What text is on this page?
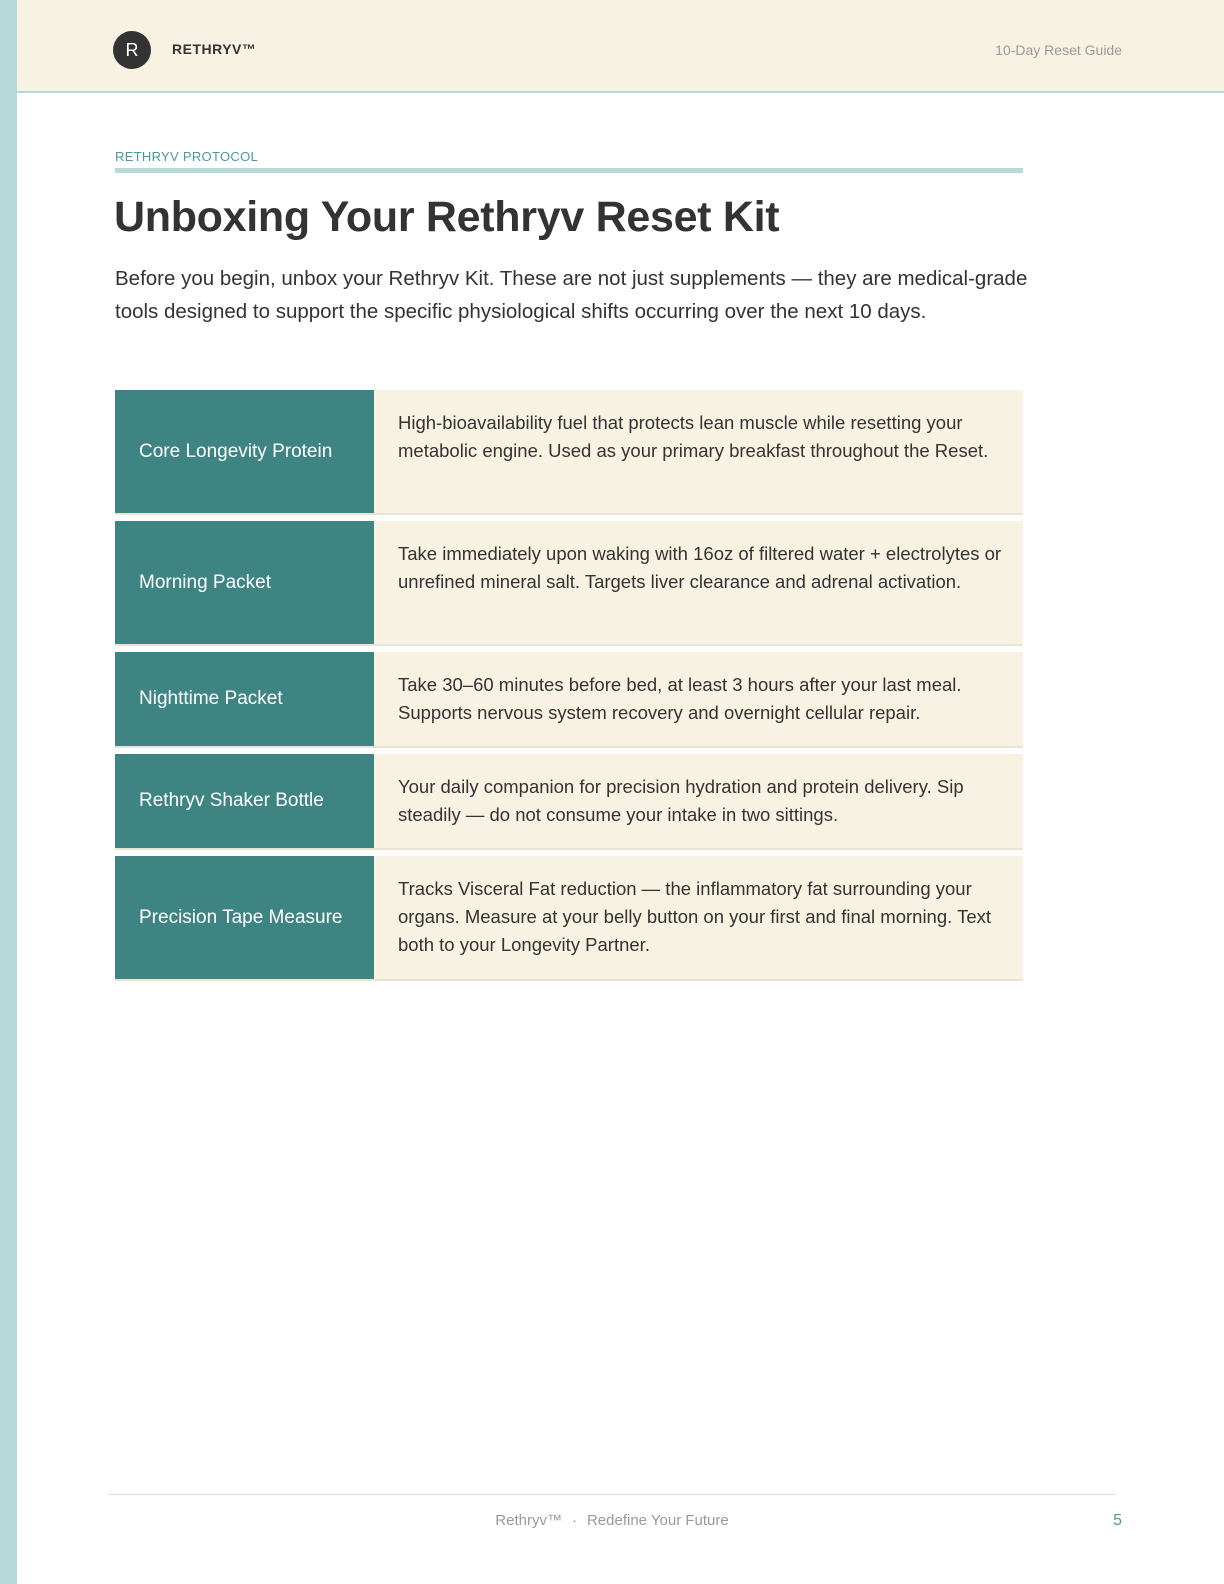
R	RETHRYV™	10-Day Reset Guide
RETHRYV PROTOCOL
Unboxing Your Rethryv Reset Kit

Before you begin, unbox your Rethryv Kit. These are not just supplements — they are medical-grade tools designed to support the specific physiological shifts occurring over the next 10 days.

Core Longevity Protein
High-bioavailability fuel that protects lean muscle while resetting your metabolic engine. Used as your primary breakfast throughout the Reset.
Morning Packet
Take immediately upon waking with 16oz of filtered water + electrolytes or unrefined mineral salt. Targets liver clearance and adrenal activation.
Nighttime Packet
Take 30–60 minutes before bed, at least 3 hours after your last meal. Supports nervous system recovery and overnight cellular repair.
Rethryv Shaker Bottle
Your daily companion for precision hydration and protein delivery. Sip steadily — do not consume your intake in two sittings.
Precision Tape Measure
Tracks Visceral Fat reduction — the inflammatory fat surrounding your organs. Measure at your belly button on your first and final morning. Text both to your Longevity Partner.
Rethryv™ · Redefine Your Future	5
